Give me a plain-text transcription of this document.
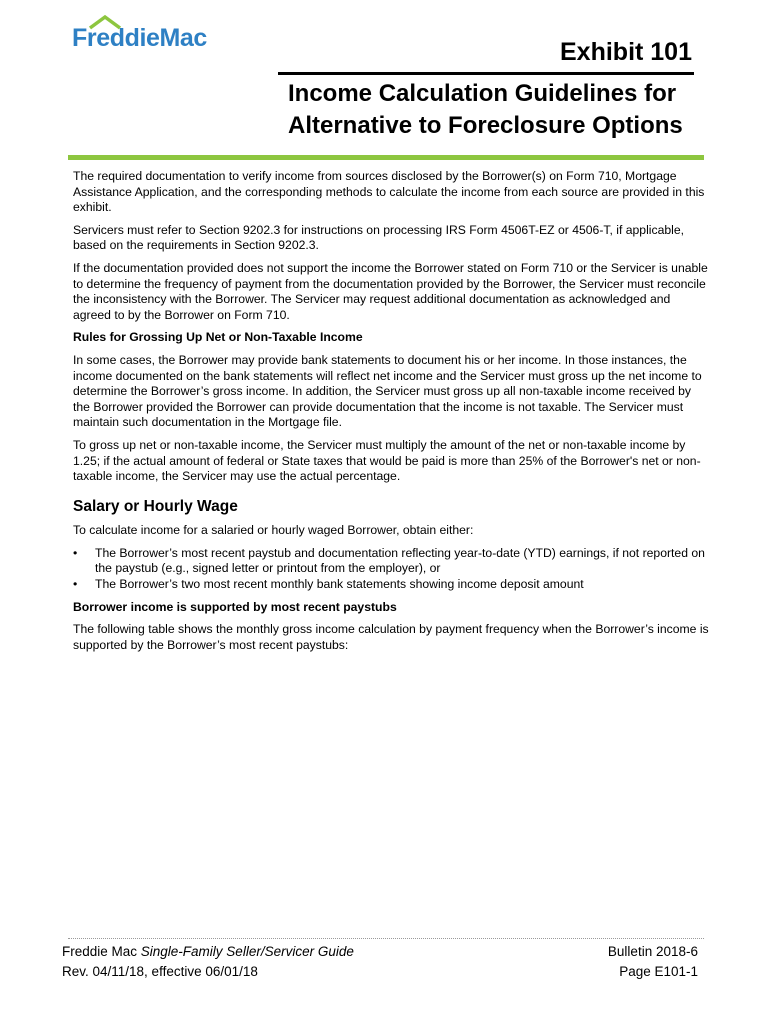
FreddieMac	Exhibit 101
Income Calculation Guidelines for
Alternative to Foreclosure Options

The required documentation to verify income from sources disclosed by the Borrower(s) on Form 710, Mortgage Assistance Application, and the corresponding methods to calculate the income from each source are provided in this exhibit.

Servicers must refer to Section 9202.3 for instructions on processing IRS Form 4506T-EZ or 4506-T, if applicable, based on the requirements in Section 9202.3.

If the documentation provided does not support the income the Borrower stated on Form 710 or the Servicer is unable to determine the frequency of payment from the documentation provided by the Borrower, the Servicer must reconcile the inconsistency with the Borrower. The Servicer may request additional documentation as acknowledged and agreed to by the Borrower on Form 710.

Rules for Grossing Up Net or Non-Taxable Income

In some cases, the Borrower may provide bank statements to document his or her income. In those instances, the income documented on the bank statements will reflect net income and the Servicer must gross up the net income to determine the Borrower’s gross income. In addition, the Servicer must gross up all non-taxable income received by the Borrower provided the Borrower can provide documentation that the income is not taxable. The Servicer must maintain such documentation in the Mortgage file.

To gross up net or non-taxable income, the Servicer must multiply the amount of the net or non-taxable income by 1.25; if the actual amount of federal or State taxes that would be paid is more than 25% of the Borrower's net or non-taxable income, the Servicer may use the actual percentage.

Salary or Hourly Wage

To calculate income for a salaried or hourly waged Borrower, obtain either:

• The Borrower’s most recent paystub and documentation reflecting year-to-date (YTD) earnings, if not reported on the paystub (e.g., signed letter or printout from the employer), or
• The Borrower’s two most recent monthly bank statements showing income deposit amount

Borrower income is supported by most recent paystubs

The following table shows the monthly gross income calculation by payment frequency when the Borrower’s income is supported by the Borrower’s most recent paystubs:

Freddie Mac Single-Family Seller/Servicer Guide
Rev. 04/11/18, effective 06/01/18
Bulletin 2018-6
Page E101-1
